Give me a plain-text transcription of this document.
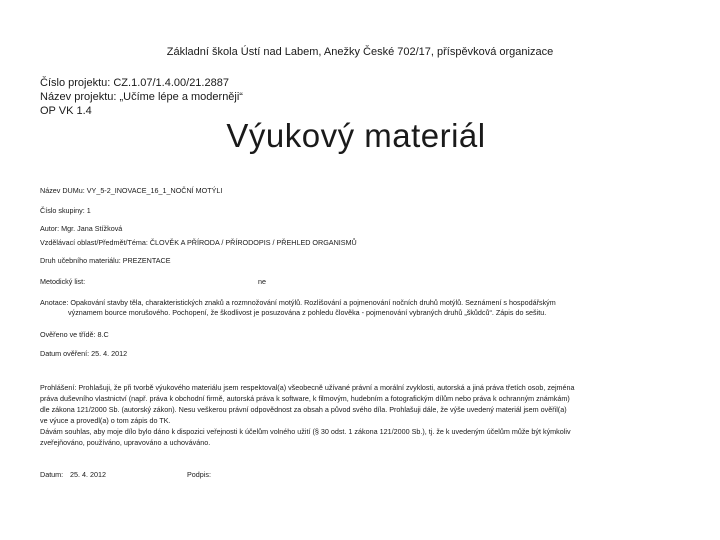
Základní škola Ústí nad Labem, Anežky České 702/17, příspěvková organizace
Číslo projektu: CZ.1.07/1.4.00/21.2887
Název projektu: „Učíme lépe a moderněji“
OP VK 1.4
Výukový materiál
Název DUMu: VY_5-2_INOVACE_16_1_NOČNÍ MOTÝLI
Číslo skupiny: 1
Autor: Mgr. Jana Stížková
Vzdělávací oblast/Předmět/Téma: ČLOVĚK A PŘÍRODA / PŘÍRODOPIS / PŘEHLED ORGANISMŮ
Druh učebního materiálu: PREZENTACE
Metodický list:	ne
Anotace: Opakování stavby těla, charakteristických znaků a rozmnožování motýlů. Rozlišování a pojmenování nočních druhů motýlů. Seznámení s hospodářským
významem bource morušového. Pochopení, že škodlivost je posuzována z pohledu člověka - pojmenování vybraných druhů „škůdců“. Zápis do sešitu.
Ověřeno ve třídě: 8.C
Datum ověření: 25. 4. 2012
Prohlášení: Prohlašuji, že při tvorbě výukového materiálu jsem respektoval(a) všeobecně užívané právní a morální zvyklosti, autorská a jiná práva třetích osob, zejména
práva duševního vlastnictví (např. práva k obchodní firmě, autorská práva k software, k filmovým, hudebním a fotografickým dílům nebo práva k ochranným známkám)
dle zákona 121/2000 Sb. (autorský zákon). Nesu veškerou právní odpovědnost za obsah a původ svého díla. Prohlašuji dále, že výše uvedený materiál jsem ověřil(a)
ve výuce a provedl(a) o tom zápis do TK.
Dávám souhlas, aby moje dílo bylo dáno k dispozici veřejnosti k účelům volného užití (§ 30 odst. 1 zákona 121/2000 Sb.), tj. že k uvedeným účelům může být kýmkoliv
zveřejňováno, používáno, upravováno a uchováváno.
Datum: 25. 4. 2012	Podpis:
